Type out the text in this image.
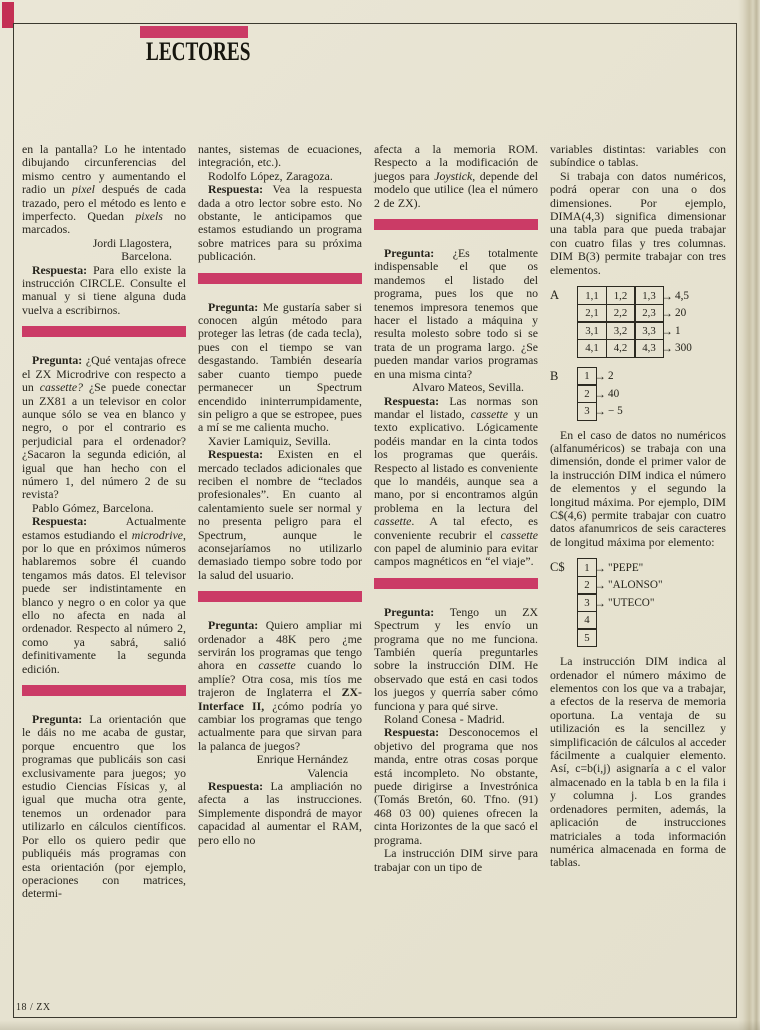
LECTORES

en la pantalla? Lo he intentado dibujando circunferencias del mismo centro y aumentando el radio un pixel después de cada trazado, pero el método es lento e imperfecto. Quedan pixels no marcados.

Jordi Llagostera,
Barcelona.

Respuesta: Para ello existe la instrucción CIRCLE. Consulte el manual y si tiene alguna duda vuelva a escribirnos.

Pregunta: ¿Qué ventajas ofrece el ZX Microdrive con respecto a un cassette? ¿Se puede conectar un ZX81 a un televisor en color aunque sólo se vea en blanco y negro, o por el contrario es perjudicial para el ordenador? ¿Sacaron la segunda edición, al igual que han hecho con el número 1, del número 2 de su revista?

Pablo Gómez, Barcelona.

Respuesta: Actualmente estamos estudiando el microdrive, por lo que en próximos números hablaremos sobre él cuando tengamos más datos. El televisor puede ser indistintamente en blanco y negro o en color ya que ello no afecta en nada al ordenador. Respecto al número 2, como ya sabrá, salió definitivamente la segunda edición.

Pregunta: La orientación que le dáis no me acaba de gustar, porque encuentro que los programas que publicáis son casi exclusivamente para juegos; yo estudio Ciencias Físicas y, al igual que mucha otra gente, tenemos un ordenador para utilizarlo en cálculos científicos. Por ello os quiero pedir que publiquéis más programas con esta orientación (por ejemplo, operaciones con matrices, determi-

nantes, sistemas de ecuaciones, integración, etc.).

Rodolfo López, Zaragoza.

Respuesta: Vea la respuesta dada a otro lector sobre esto. No obstante, le anticipamos que estamos estudiando un programa sobre matrices para su próxima publicación.

Pregunta: Me gustaría saber si conocen algún método para proteger las letras (de cada tecla), pues con el tiempo se van desgastando. También desearía saber cuanto tiempo puede permanecer un Spectrum encendido ininterrumpidamente, sin peligro a que se estropee, pues a mí se me calienta mucho.

Xavier Lamiquiz, Sevilla.

Respuesta: Existen en el mercado teclados adicionales que reciben el nombre de “teclados profesionales”. En cuanto al calentamiento suele ser normal y no presenta peligro para el Spectrum, aunque le aconsejaríamos no utilizarlo demasiado tiempo sobre todo por la salud del usuario.

Pregunta: Quiero ampliar mi ordenador a 48K pero ¿me servirán los programas que tengo ahora en cassette cuando lo amplíe? Otra cosa, mis tíos me trajeron de Inglaterra el ZX-Interface II, ¿cómo podría yo cambiar los programas que tengo actualmente para que sirvan para la palanca de juegos?

Enrique Hernández
Valencia

Respuesta: La ampliación no afecta a las instrucciones. Simplemente dispondrá de mayor capacidad al aumentar el RAM, pero ello no

afecta a la memoria ROM. Respecto a la modificación de juegos para Joystick, depende del modelo que utilice (lea el número 2 de ZX).

Pregunta: ¿Es totalmente indispensable el que os mandemos el listado del programa, pues los que no tenemos impresora tenemos que hacer el listado a máquina y resulta molesto sobre todo si se trata de un programa largo. ¿Se pueden mandar varios programas en una misma cinta?

Alvaro Mateos, Sevilla.

Respuesta: Las normas son mandar el listado, cassette y un texto explicativo. Lógicamente podéis mandar en la cinta todos los programas que queráis. Respecto al listado es conveniente que lo mandéis, aunque sea a mano, por si encontramos algún problema en la lectura del cassette. A tal efecto, es conveniente recubrir el cassette con papel de aluminio para evitar campos magnéticos en “el viaje”.

Pregunta: Tengo un ZX Spectrum y les envío un programa que no me funciona. También quería preguntarles sobre la instrucción DIM. He observado que está en casi todos los juegos y querría saber cómo funciona y para qué sirve.

Roland Conesa - Madrid.

Respuesta: Desconocemos el objetivo del programa que nos manda, entre otras cosas porque está incompleto. No obstante, puede dirigirse a Investrónica (Tomás Bretón, 60. Tfno. (91) 468 03 00) quienes ofrecen la cinta Horizontes de la que sacó el programa.

La instrucción DIM sirve para trabajar con un tipo de

variables distintas: variables con subíndice o tablas.

Si trabaja con datos numéricos, podrá operar con una o dos dimensiones. Por ejemplo, DIMA(4,3) significa dimensionar una tabla para que pueda trabajar con cuatro filas y tres columnas. DIM B(3) permite trabajar con tres elementos.

A	1,1	1,2	1,3 → 4,5
2,1	2,2	2,3 → 20
3,1	3,2	3,3 → 1
4,1	4,2	4,3 → 300
B	1 → 2
2 → 40
3 → − 5

En el caso de datos no numéricos (alfanuméricos) se trabaja con una dimensión, donde el primer valor de la instrucción DIM indica el número de elementos y el segundo la longitud máxima. Por ejemplo, DIM C$(4,6) permite trabajar con cuatro datos afanumricos de seis caracteres de longitud máxima por elemento:

C$	1 → "PEPE"
2 → "ALONSO"
3 → "UTECO"
4
5

La instrucción DIM indica al ordenador el número máximo de elementos con los que va a trabajar, a efectos de la reserva de memoria oportuna. La ventaja de su utilización es la sencillez y simplificación de cálculos al acceder fácilmente a cualquier elemento. Así, c=b(i,j) asignaría a c el valor almacenado en la tabla b en la fila i y columna j. Los grandes ordenadores permiten, además, la aplicación de instrucciones matriciales a toda información numérica almacenada en forma de tablas.

18 / ZX
